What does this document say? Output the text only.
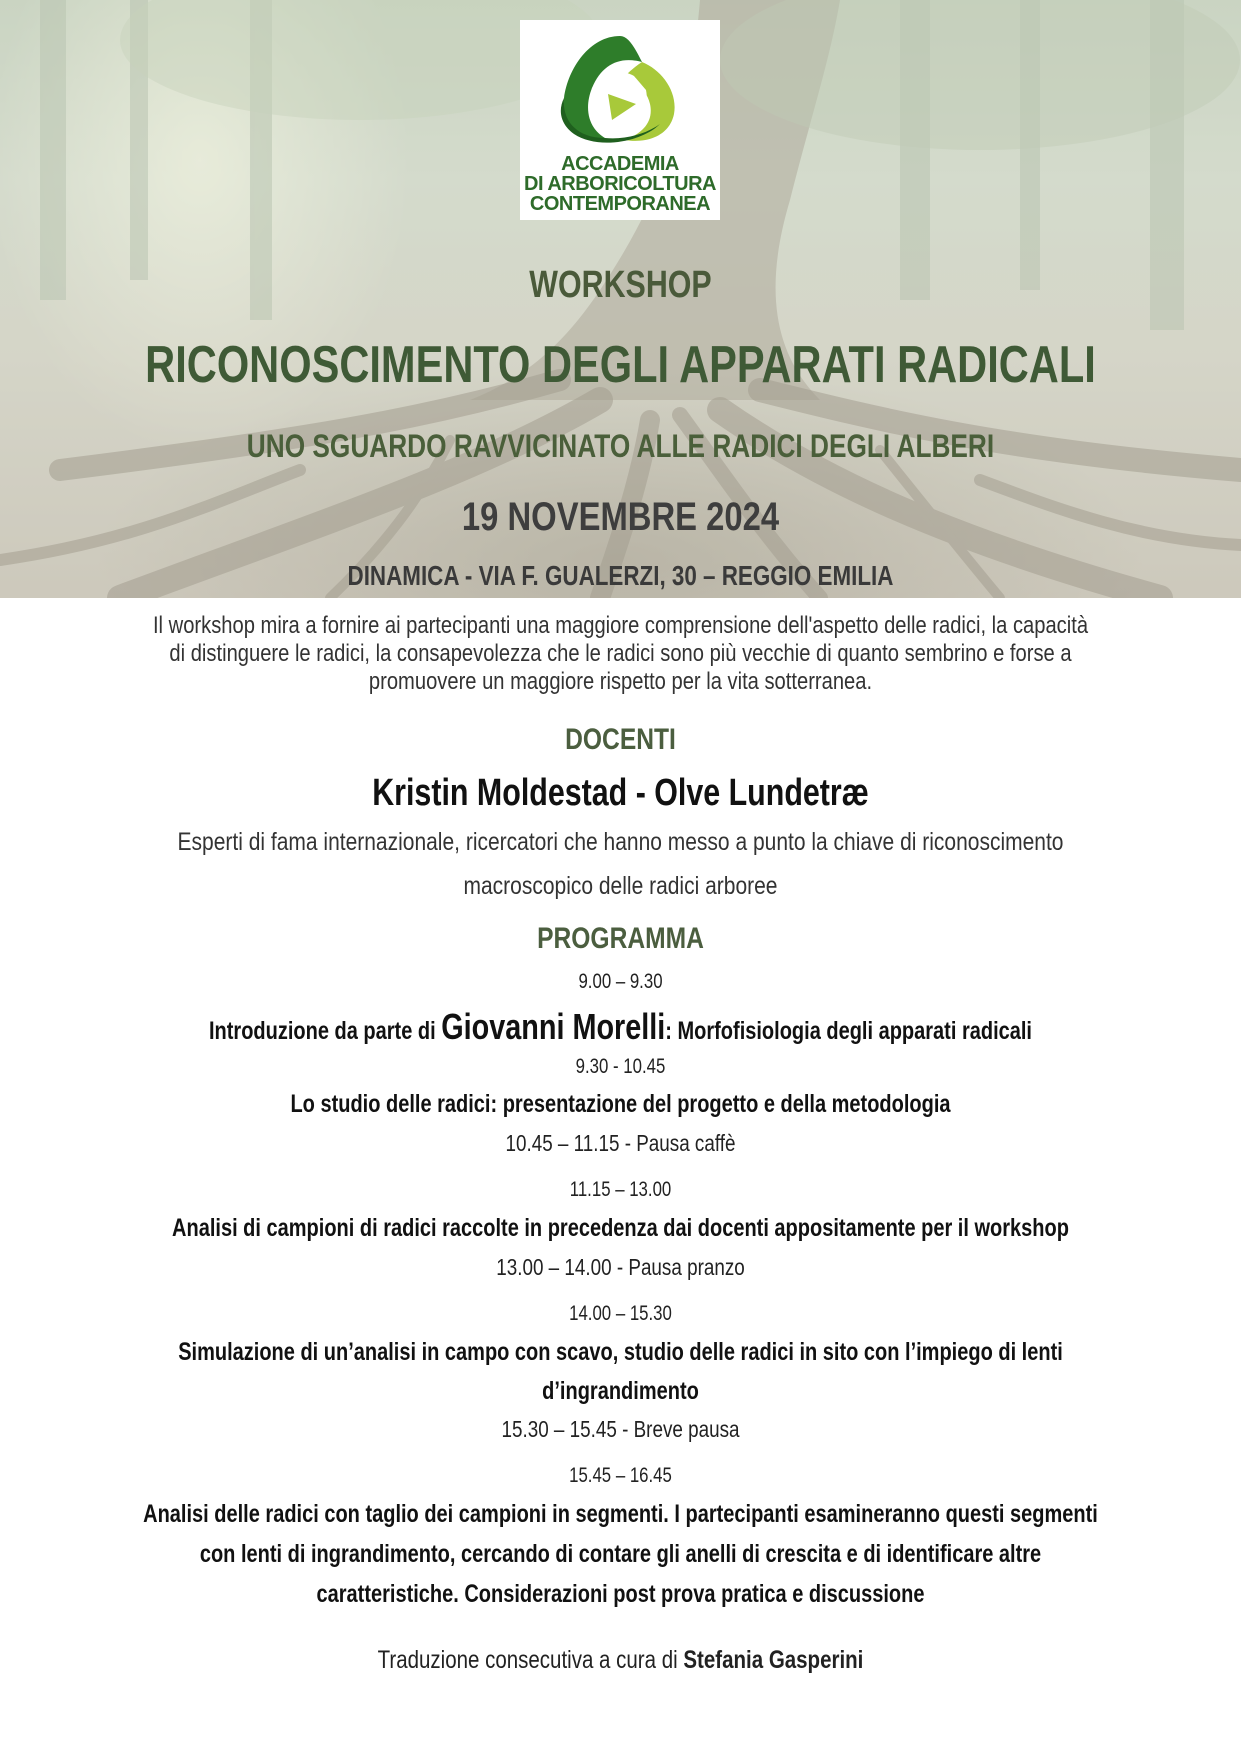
ACCADEMIA
DI ARBORICOLTURA
CONTEMPORANEA
WORKSHOP
RICONOSCIMENTO DEGLI APPARATI RADICALI
UNO SGUARDO RAVVICINATO ALLE RADICI DEGLI ALBERI
19 NOVEMBRE 2024
DINAMICA - VIA F. GUALERZI, 30 – REGGIO EMILIA
Il workshop mira a fornire ai partecipanti una maggiore comprensione dell'aspetto delle radici, la capacità
di distinguere le radici, la consapevolezza che le radici sono più vecchie di quanto sembrino e forse a
promuovere un maggiore rispetto per la vita sotterranea.
DOCENTI
Kristin Moldestad - Olve Lundetræ
Esperti di fama internazionale, ricercatori che hanno messo a punto la chiave di riconoscimento
macroscopico delle radici arboree
PROGRAMMA
9.00 – 9.30
Introduzione da parte di Giovanni Morelli: Morfofisiologia degli apparati radicali
9.30 - 10.45
Lo studio delle radici: presentazione del progetto e della metodologia
10.45 – 11.15 - Pausa caffè
11.15 – 13.00
Analisi di campioni di radici raccolte in precedenza dai docenti appositamente per il workshop
13.00 – 14.00 - Pausa pranzo
14.00 – 15.30
Simulazione di un’analisi in campo con scavo, studio delle radici in sito con l’impiego di lenti
d’ingrandimento
15.30 – 15.45 - Breve pausa
15.45 – 16.45
Analisi delle radici con taglio dei campioni in segmenti. I partecipanti esamineranno questi segmenti
con lenti di ingrandimento, cercando di contare gli anelli di crescita e di identificare altre
caratteristiche. Considerazioni post prova pratica e discussione
Traduzione consecutiva a cura di Stefania Gasperini
